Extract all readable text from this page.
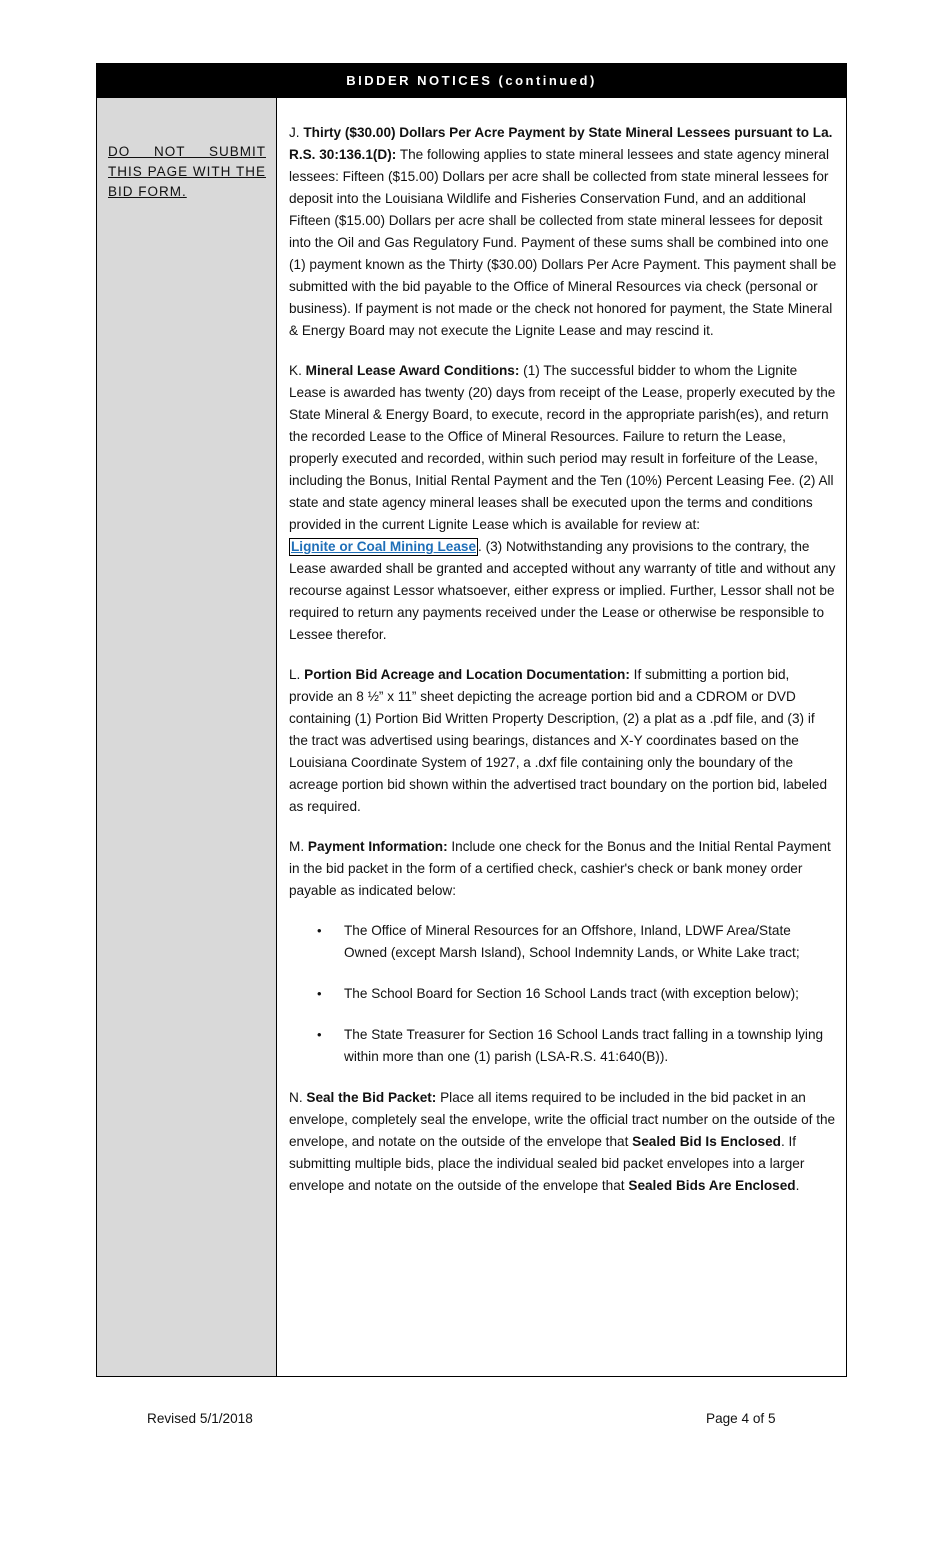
BIDDER NOTICES (continued)
DO NOT SUBMIT THIS PAGE WITH THE BID FORM.

J. Thirty ($30.00) Dollars Per Acre Payment by State Mineral Lessees pursuant to La. R.S. 30:136.1(D): The following applies to state mineral lessees and state agency mineral lessees: Fifteen ($15.00) Dollars per acre shall be collected from state mineral lessees for deposit into the Louisiana Wildlife and Fisheries Conservation Fund, and an additional Fifteen ($15.00) Dollars per acre shall be collected from state mineral lessees for deposit into the Oil and Gas Regulatory Fund. Payment of these sums shall be combined into one (1) payment known as the Thirty ($30.00) Dollars Per Acre Payment. This payment shall be submitted with the bid payable to the Office of Mineral Resources via check (personal or business). If payment is not made or the check not honored for payment, the State Mineral & Energy Board may not execute the Lignite Lease and may rescind it.

K. Mineral Lease Award Conditions: (1) The successful bidder to whom the Lignite Lease is awarded has twenty (20) days from receipt of the Lease, properly executed by the State Mineral & Energy Board, to execute, record in the appropriate parish(es), and return the recorded Lease to the Office of Mineral Resources. Failure to return the Lease, properly executed and recorded, within such period may result in forfeiture of the Lease, including the Bonus, Initial Rental Payment and the Ten (10%) Percent Leasing Fee. (2) All state and state agency mineral leases shall be executed upon the terms and conditions provided in the current Lignite Lease which is available for review at: Lignite or Coal Mining Lease . (3) Notwithstanding any provisions to the contrary, the Lease awarded shall be granted and accepted without any warranty of title and without any recourse against Lessor whatsoever, either express or implied. Further, Lessor shall not be required to return any payments received under the Lease or otherwise be responsible to Lessee therefor.

L. Portion Bid Acreage and Location Documentation: If submitting a portion bid, provide an 8 ½” x 11” sheet depicting the acreage portion bid and a CDROM or DVD containing (1) Portion Bid Written Property Description, (2) a plat as a .pdf file, and (3) if the tract was advertised using bearings, distances and X-Y coordinates based on the Louisiana Coordinate System of 1927, a .dxf file containing only the boundary of the acreage portion bid shown within the advertised tract boundary on the portion bid, labeled as required.

M. Payment Information: Include one check for the Bonus and the Initial Rental Payment in the bid packet in the form of a certified check, cashier's check or bank money order payable as indicated below:

• The Office of Mineral Resources for an Offshore, Inland, LDWF Area/State Owned (except Marsh Island), School Indemnity Lands, or White Lake tract;
• The School Board for Section 16 School Lands tract (with exception below);
• The State Treasurer for Section 16 School Lands tract falling in a township lying within more than one (1) parish (LSA-R.S. 41:640(B)).

N. Seal the Bid Packet: Place all items required to be included in the bid packet in an envelope, completely seal the envelope, write the official tract number on the outside of the envelope, and notate on the outside of the envelope that Sealed Bid Is Enclosed. If submitting multiple bids, place the individual sealed bid packet envelopes into a larger envelope and notate on the outside of the envelope that Sealed Bids Are Enclosed.

Revised 5/1/2018	Page 4 of 5
